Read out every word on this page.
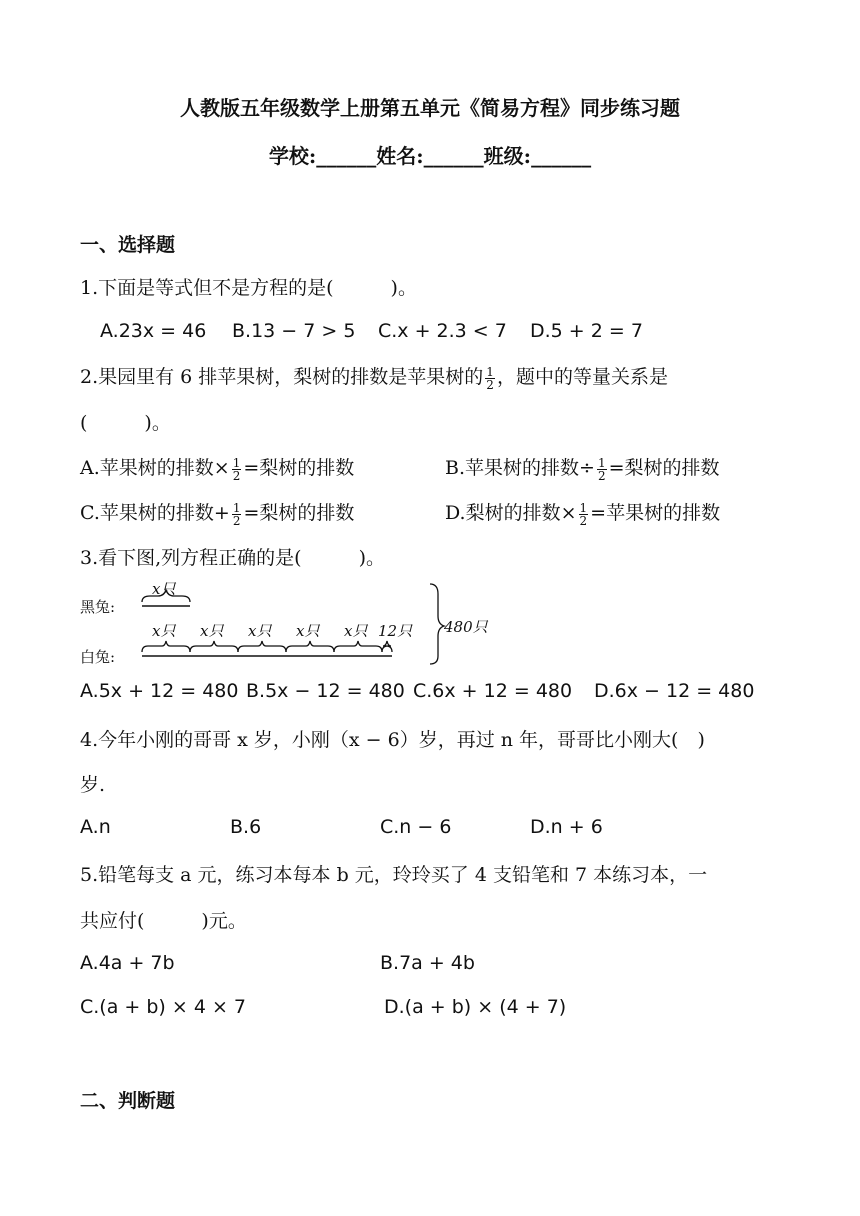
人教版五年级数学上册第五单元《简易方程》同步练习题
学校:______姓名:______班级:______
一、选择题
1.下面是等式但不是方程的是(　　　)。
A.23x = 46 B.13 − 7 > 5 C.x + 2.3 < 7 D.5 + 2 = 7
2.果园里有 6 排苹果树，梨树的排数是苹果树的 $\frac{1}{2}$ ，题中的等量关系是
(　　　)。
A.苹果树的排数× $\frac{1}{2}$ =梨树的排数	B.苹果树的排数÷ $\frac{1}{2}$ =梨树的排数
C.苹果树的排数+ $\frac{1}{2}$ =梨树的排数	D.梨树的排数× $\frac{1}{2}$ =苹果树的排数
3.看下图,列方程正确的是(　　　)。
黑兔:
x只
白兔:
x只 x只 x只 x只 x只 12只 480只
A.5x + 12 = 480 B.5x − 12 = 480 C.6x + 12 = 480 D.6x − 12 = 480
4.今年小刚的哥哥 x 岁，小刚（x − 6）岁，再过 n 年，哥哥比小刚大(　)
岁.
A.n	B.6	C.n − 6	D.n + 6
5.铅笔每支 a 元，练习本每本 b 元，玲玲买了 4 支铅笔和 7 本练习本，一
共应付(　　　)元。
A.4a + 7b	B.7a + 4b
C.(a + b) × 4 × 7	D.(a + b) × (4 + 7)
二、判断题
